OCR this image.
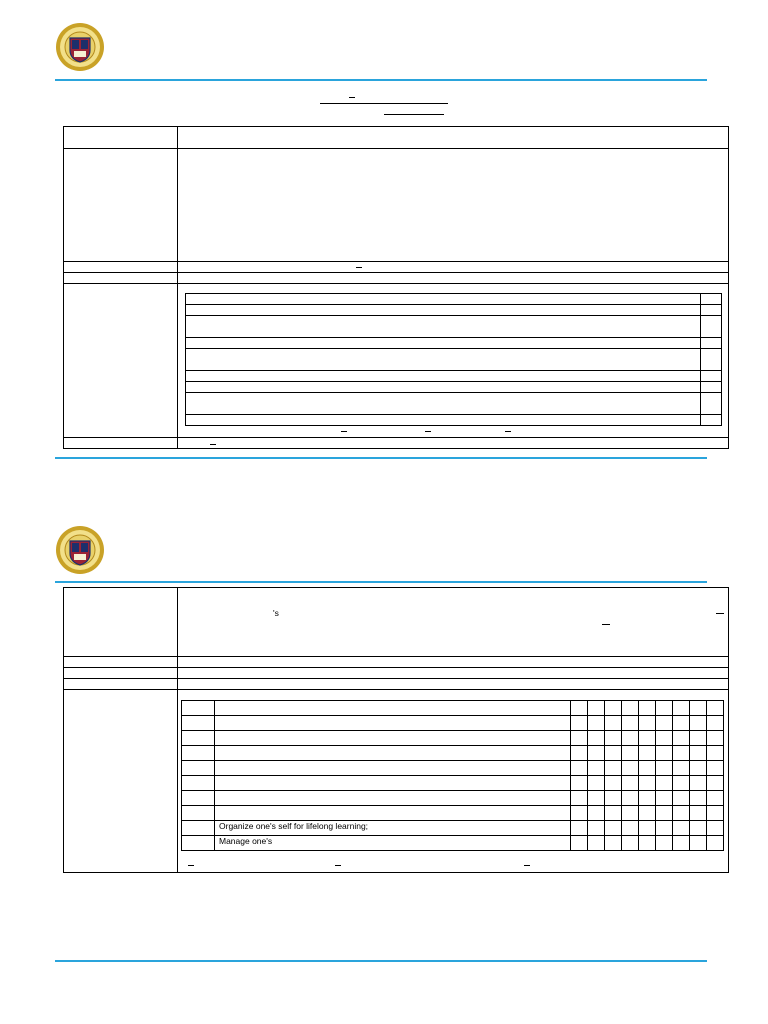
's

	Organize one's self for lifelong learning;									
	Manage one's									
